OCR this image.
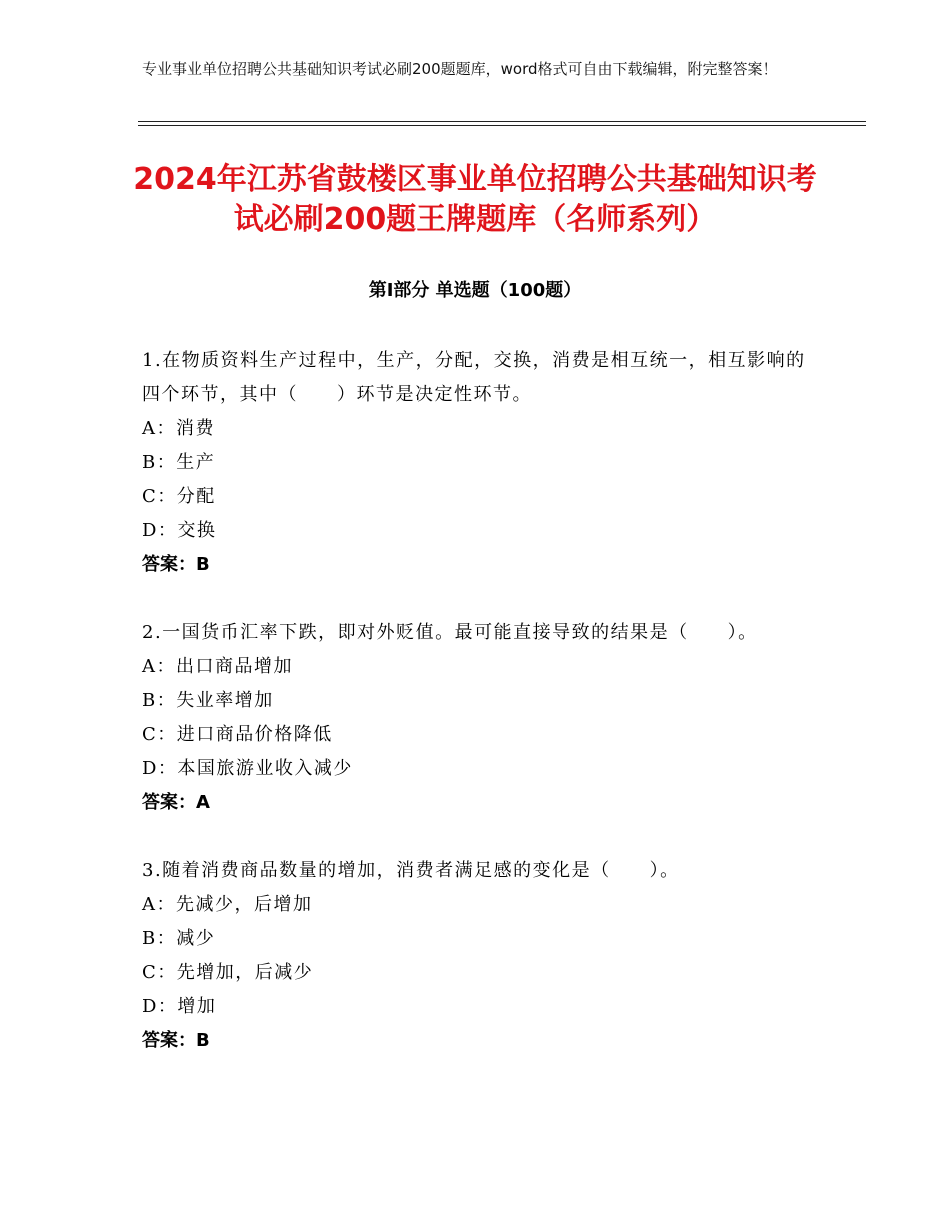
专业事业单位招聘公共基础知识考试必刷200题题库，word格式可自由下载编辑，附完整答案！
2024年江苏省鼓楼区事业单位招聘公共基础知识考试必刷200题王牌题库（名师系列）
第Ⅰ部分 单选题（100题）
1.在物质资料生产过程中，生产，分配，交换，消费是相互统一，相互影响的四个环节，其中（　　）环节是决定性环节。
A：消费
B：生产
C：分配
D：交换
答案：B
2.一国货币汇率下跌，即对外贬值。最可能直接导致的结果是（　　）。
A：出口商品增加
B：失业率增加
C：进口商品价格降低
D：本国旅游业收入减少
答案：A
3.随着消费商品数量的增加，消费者满足感的变化是（　　）。
A：先减少，后增加
B：减少
C：先增加，后减少
D：增加
答案：B
